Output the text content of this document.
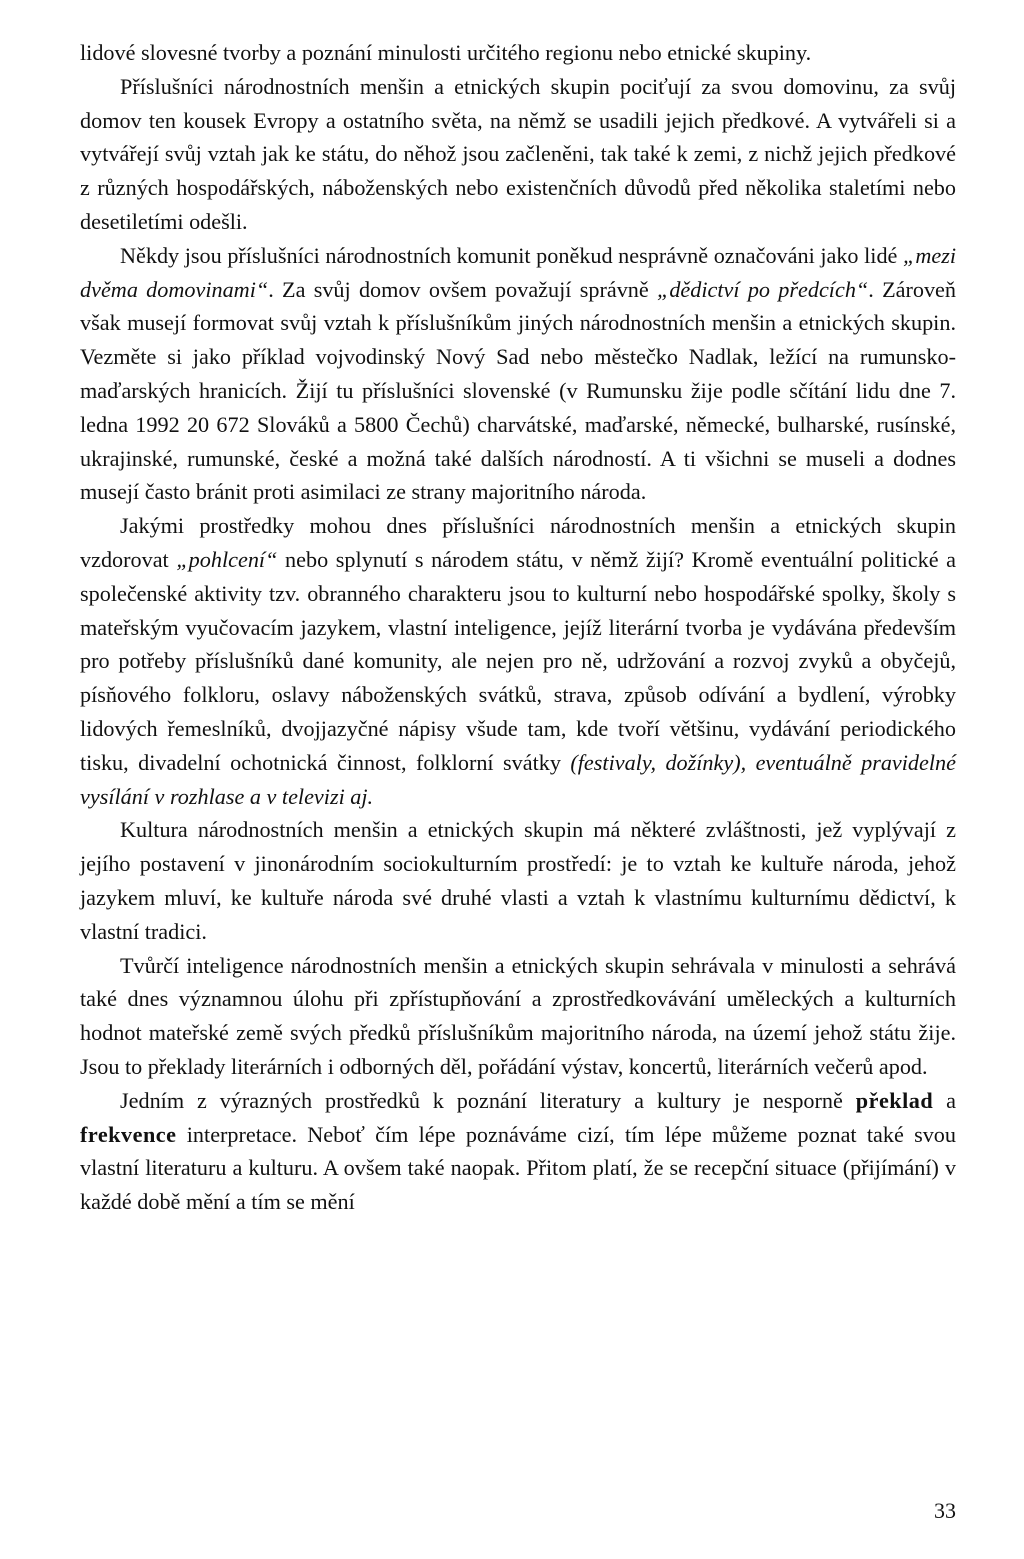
lidové slovesné tvorby a poznání minulosti určitého regionu nebo etnické skupiny.

Příslušníci národnostních menšin a etnických skupin pociťují za svou domovinu, za svůj domov ten kousek Evropy a ostatního světa, na němž se usadili jejich předkové. A vytvářeli si a vytvářejí svůj vztah jak ke státu, do něhož jsou začleněni, tak také k zemi, z nichž jejich předkové z různých hospodářských, náboženských nebo existenčních důvodů před několika staletími nebo desetiletími odešli.

Někdy jsou příslušníci národnostních komunit poněkud nesprávně označováni jako lidé „mezi dvěma domovinami“. Za svůj domov ovšem považují správně „dědictví po předcích“. Zároveň však musejí formovat svůj vztah k příslušníkům jiných národnostních menšin a etnických skupin. Vezměte si jako příklad vojvodinský Nový Sad nebo městečko Nadlak, ležící na rumunsko-maďarských hranicích. Žijí tu příslušníci slovenské (v Rumunsku žije podle sčítání lidu dne 7. ledna 1992 20 672 Slováků a 5800 Čechů) charvátské, maďarské, německé, bulharské, rusínské, ukrajinské, rumunské, české a možná také dalších národností. A ti všichni se museli a dodnes musejí často bránit proti asimilaci ze strany majoritního národa.

Jakými prostředky mohou dnes příslušníci národnostních menšin a etnických skupin vzdorovat „pohlcení“ nebo splynutí s národem státu, v němž žijí? Kromě eventuální politické a společenské aktivity tzv. obranného charakteru jsou to kulturní nebo hospodářské spolky, školy s mateřským vyučovacím jazykem, vlastní inteligence, jejíž literární tvorba je vydávána především pro potřeby příslušníků dané komunity, ale nejen pro ně, udržování a rozvoj zvyků a obyčejů, písňového folkloru, oslavy náboženských svátků, strava, způsob odívání a bydlení, výrobky lidových řemeslníků, dvojjazyčné nápisy všude tam, kde tvoří většinu, vydávání periodického tisku, divadelní ochotnická činnost, folklorní svátky (festivaly, dožínky), eventuálně pravidelné vysílání v rozhlase a v televizi aj.

Kultura národnostních menšin a etnických skupin má některé zvláštnosti, jež vyplývají z jejího postavení v jinonárodním sociokulturním prostředí: je to vztah ke kultuře národa, jehož jazykem mluví, ke kultuře národa své druhé vlasti a vztah k vlastnímu kulturnímu dědictví, k vlastní tradici.

Tvůrčí inteligence národnostních menšin a etnických skupin sehrávala v minulosti a sehrává také dnes významnou úlohu při zpřístupňování a zprostředkovávání uměleckých a kulturních hodnot mateřské země svých předků příslušníkům majoritního národa, na území jehož státu žije. Jsou to překlady literárních i odborných děl, pořádání výstav, koncertů, literárních večerů apod.

Jedním z výrazných prostředků k poznání literatury a kultury je nesporně překlad a frekvence interpretace. Neboť čím lépe poznáváme cizí, tím lépe můžeme poznat také svou vlastní literaturu a kulturu. A ovšem také naopak. Přitom platí, že se recepční situace (přijímání) v každé době mění a tím se mění

33
